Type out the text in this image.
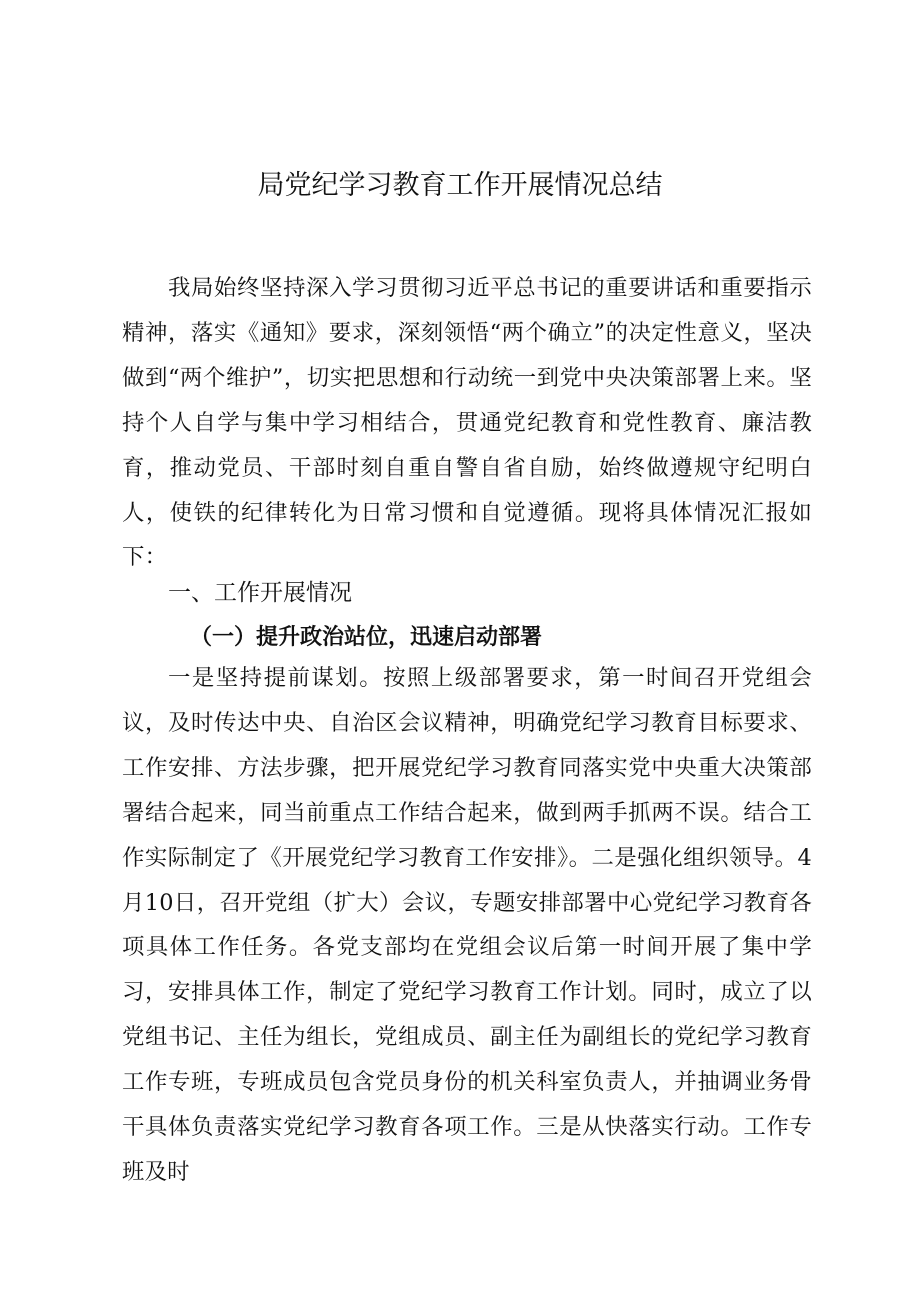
局党纪学习教育工作开展情况总结

我局始终坚持深入学习贯彻习近平总书记的重要讲话和重要指示精神，落实《通知》要求，深刻领悟“两个确立”的决定性意义，坚决做到“两个维护”，切实把思想和行动统一到党中央决策部署上来。坚持个人自学与集中学习相结合，贯通党纪教育和党性教育、廉洁教育，推动党员、干部时刻自重自警自省自励，始终做遵规守纪明白人，使铁的纪律转化为日常习惯和自觉遵循。现将具体情况汇报如下：

一、工作开展情况
（一）提升政治站位，迅速启动部署

一是坚持提前谋划。按照上级部署要求，第一时间召开党组会议，及时传达中央、自治区会议精神，明确党纪学习教育目标要求、工作安排、方法步骤，把开展党纪学习教育同落实党中央重大决策部署结合起来，同当前重点工作结合起来，做到两手抓两不误。结合工作实际制定了《开展党纪学习教育工作安排》。二是强化组织领导。4月10日，召开党组（扩大）会议，专题安排部署中心党纪学习教育各项具体工作任务。各党支部均在党组会议后第一时间开展了集中学习，安排具体工作，制定了党纪学习教育工作计划。同时，成立了以党组书记、主任为组长，党组成员、副主任为副组长的党纪学习教育工作专班，专班成员包含党员身份的机关科室负责人，并抽调业务骨干具体负责落实党纪学习教育各项工作。三是从快落实行动。工作专班及时
